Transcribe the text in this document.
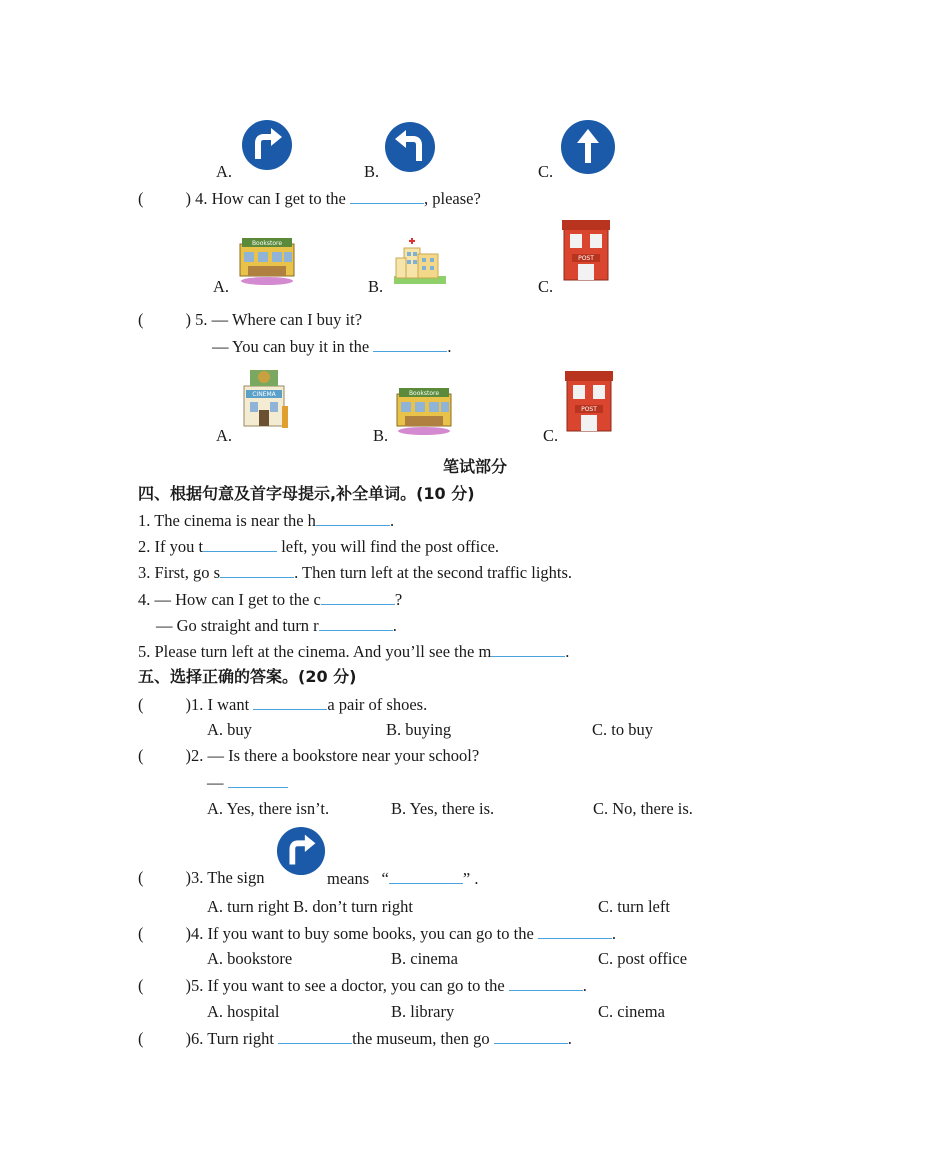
A.	B.	C.
(	) 4. How can I get to the	, please?
A.
Bookstore
B.	C.
POST
(	) 5. — Where can I buy it?
— You can buy it in the	.
A.
CINEMA
B.
Bookstore
C.
POST
笔试部分
四、根据句意及首字母提示,补全单词。(10 分)
1. The cinema is near the h	.
2. If you t	left, you will find the post office.
3. First, go s	. Then turn left at the second traffic lights.
4. — How can I get to the c	?
— Go straight and turn r	.
5. Please turn left at the cinema. And you’ll see the m	.
五、选择正确的答案。(20 分)
(	)1. I want	a pair of shoes.
A. buy	B. buying	C. to buy
(	)2. — Is there a bookstore near your school?
—
A. Yes, there isn’t.	B. Yes, there is.	C. No, there is.
(	)3. The sign	means “	” .
A. turn right B. don’t turn right	C. turn left
(	)4. If you want to buy some books, you can go to the	.
A. bookstore	B. cinema	C. post office
(	)5. If you want to see a doctor, you can go to the	.
A. hospital	B. library	C. cinema
(	)6. Turn right	the museum, then go	.
